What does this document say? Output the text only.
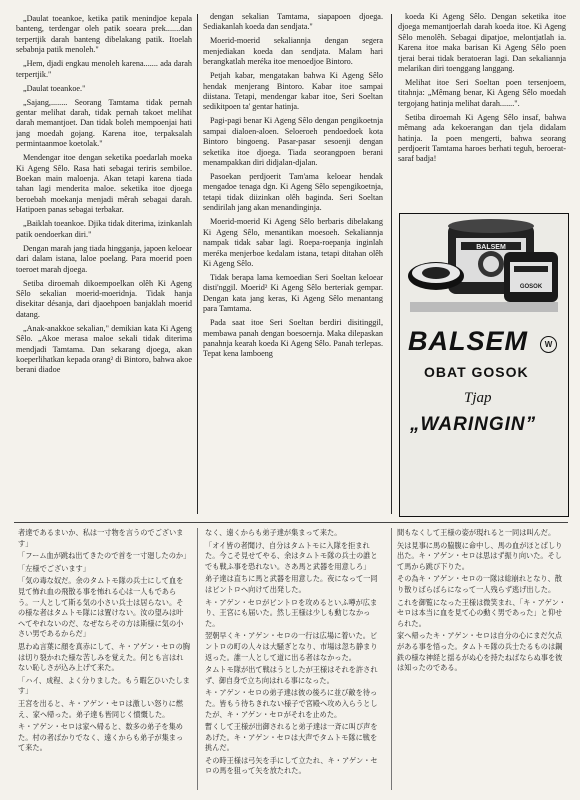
„Daulat toeankoe, ketika patik menindjoe kepala banteng, terdengar oleh patik soeara prek.......dan terpertjik darah banteng dibelakang patik. Itoelah sebabnja patik menoleh."

„Hem, djadi engkau menoleh karena....... ada darah terpertjik."

„Daulat toeankoe."

„Sajang,........ Seorang Tamtama tidak pernah gentar melihat darah, tidak pernah takoet melihat darah memantjoet. Dan tidak boleh mempoenjai hati jang moedah gojang. Karena itoe, terpaksalah permintaanmoe koetolak."

Mendengar itoe dengan seketika poedarlah moeka Ki Ageng Sêlo. Rasa hati sebagai teriris sembiloe. Boekan main maloenja. Akan tetapi karena tiada tahan lagi menderita maloe. seketika itoe djoega beroebah moekanja menjadi mêrah sebagai darah. Hatipoen panas sebagai terbakar.

„Baiklah toeankoe. Djika tidak diterima, izinkanlah patik oendoerkan diri."

Dengan marah jang tiada hingganja, japoen keloear dari dalam istana, laloe poelang. Para moerid poen toeroet marah djoega.

Setiba diroemah dikoempoelkan olêh Ki Ageng Sêlo sekalian moerid-moeridnja. Tidak hanja disekitar désanja, dari djaoehpoen banjaklah moerid datang.

„Anak-anakkoe sekalian," demikian kata Ki Ageng Sêlo. „Akoe merasa maloe sekali tidak diterima mendjadi Tamtama. Dan sekarang djoega, akan koeperlihatkan kepada orang² di Bintoro, bahwa akoe berani diadoe

dengan sekalian Tamtama, siapapoen djoega. Sediakanlah koeda dan sendjata."

Moerid-moerid sekaliannja dengan segera menjediakan koeda dan sendjata. Malam hari berangkatlah meréka itoe menoedjoe Bintoro.

Petjah kabar, mengatakan bahwa Ki Ageng Sêlo hendak menjerang Bintoro. Kabar itoe sampai diistana. Tetapi, mendengar kabar itoe, Seri Soeltan sedikitpoen ta' gentar hatinja.

Pagi-pagi benar Ki Ageng Sêlo dengan pengikoetnja sampai dialoen-aloen. Seloeroeh pendoedoek kota Bintoro bingoeng. Pasar-pasar sesoenji dengan seketika itoe djoega. Tiada seorangpoen berani menampakkan diri didjalan-djalan.

Pasoekan perdjoerit Tam'ama keloear hendak mengadoe tenaga dgn. Ki Ageng Sêlo sepengikoetnja, tetapi tidak diizinkan olêh baginda. Seri Soeltan sendirilah jang akan menandinginja.

Moerid-moerid Ki Ageng Sêlo berbaris dibelakang Ki Ageng Sêlo, menantikan moesoeh. Sekaliannja nampak tidak sabar lagi. Roepa-roepanja inginlah meréka menjerboe kedalam istana, tetapi ditahan olêh Ki Ageng Sêlo.

Tidak berapa lama kemoedian Seri Soeltan keloear disti'nggil. Moerid² Ki Ageng Sêlo berteriak gempar. Dengan kata jang keras, Ki Ageng Sêlo menantang para Tamtama.

Pada saat itoe Seri Soeltan berdiri disitinggil, membawa panah dengan boesoernja. Maka dilepaskan panahnja kearah koeda Ki Ageng Sêlo. Panah terlepas. Tepat kena lamboeng

koeda Ki Ageng Sêlo. Dengan seketika itoe djoega memantjoerlah darah koeda itoe. Ki Ageng Sêlo menolêh. Sebagai dipatjoe, melontjatlah ia. Karena itoe maka barisan Ki Ageng Sêlo poen tjerai berai tidak beratoeran lagi. Dan sekaliannja melarikan diri toenggang langgang.

Melihat itoe Seri Soeltan poen tersenjoem, titahnja: „Mêmang benar, Ki Ageng Sêlo moedah tergojang hatinja melihat darah.......".

Setiba diroemah Ki Ageng Sêlo insaf, bahwa mêmang ada kekoerangan dan tjela didalam hatinja. Ia poen mengerti, bahwa seorang perdjoerit Tamtama haroes berhati teguh, beroerat-saraf badja!

BALSEM
GOSOK
BALSEM	W
OBAT GOSOK
Tjap
„WARINGIN”

者達であるまいか、私は一寸物を言うのでございます」

「フーム血が跳ね出てきたので首を一寸廻したのか」

「左様でございます」

「気の毒な奴だ。余のタムトモ隊の兵士にして血を見て怖れ血の飛散る事を怖れる心は一人もであらう。一人として斯る気の小さい兵士は居らない。その様な者はタムトモ隊には置けない。汝の望みは叶へてやれないのだ、なぜならその方は斯様に気の小さい男であるからだ」

思わぬ言葉に顔を真赤にして、キ・アゲン・セロの胸は切り裂かれた様な苦しみを覚えた。何とも言はれない恥しさが込み上げて来た。

「ハイ、成程、よく分りました。もう暇乞ひいたします」

王宮を出ると、キ・アゲン・セロは激しい怒りに燃え、家へ帰った。弟子達も皆同じく憤慨した。

キ・アゲン・セロは家へ帰ると、数多の弟子を集めた。村の者ばかりでなく、遠くからも弟子が集まって来た。

なく、遠くからも弟子達が集まって来た。

「オイ皆の者聞け、自分はタムトモに入隊を拒まれた。今こそ見せてやる、余はタムトモ隊の兵士の誰とでも戦ふ事を恐れない。さあ馬と武器を用意しろ」

弟子達は直ちに馬と武器を用意した。夜になって一同はビントロへ向けて出発した。

キ・アゲン・セロがビントロを攻めるといふ噂が広まり、王宮にも届いた。然し王様は少しも動じなかった。

翌朝早くキ・アゲン・セロの一行は広場に着いた。ビントロの町の人々は大騒ぎとなり、市場は忽ち静まり返った。誰一人として道に出る者はなかった。

タムトモ隊が出て戦はうとしたが王様はそれを許されず、御自身で立ち向はれる事になった。

キ・アゲン・セロの弟子達は彼の後ろに並び敵を待った。皆もう待ちきれない様子で宮殿へ攻め入らうとしたが、キ・アゲン・セロがそれを止めた。

暫くして王様が出御されると弟子達は一斉に叫び声をあげた。キ・アゲン・セロは大声でタムトモ隊に戦を挑んだ。

その時王様は弓矢を手にして立たれ、キ・アゲン・セロの馬を狙って矢を放たれた。

間もなくして王様の姿が現れると一同は叫んだ。

矢は見事に馬の脇腹に命中し、馬の血がほとばしり出た。キ・アゲン・セロは思はず振り向いた。そして馬から跳び下りた。

その為キ・アゲン・セロの一隊は総崩れとなり、散り散りばらばらになって一人残らず逃げ出した。

これを御覧になった王様は微笑まれ、「キ・アゲン・セロは本当に血を見て心の動く男であった」と仰せられた。

家へ帰ったキ・アゲン・セロは自分の心にまだ欠点がある事を悟った。タムトモ隊の兵士たるものは鋼鉄の様な神経と揺るがぬ心を持たねばならぬ事を彼は知ったのである。
